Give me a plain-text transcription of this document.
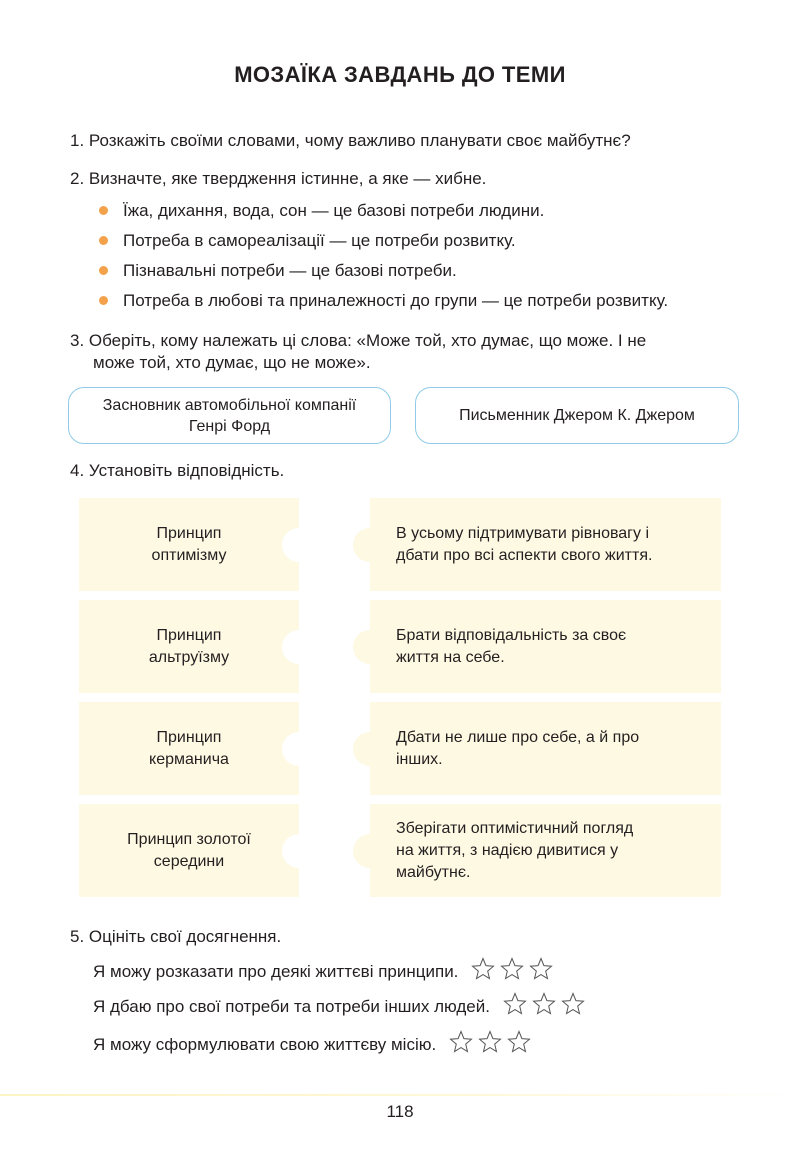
МОЗАЇКА ЗАВДАНЬ ДО ТЕМИ
1. Розкажіть своїми словами, чому важливо планувати своє майбутнє?
2. Визначте, яке твердження істинне, а яке — хибне.
Їжа, дихання, вода, сон — це базові потреби людини.
Потреба в самореалізації — це потреби розвитку.
Пізнавальні потреби — це базові потреби.
Потреба в любові та приналежності до групи — це потреби розвитку.
3. Оберіть, кому належать ці слова: «Може той, хто думає, що може. І не
може той, хто думає, що не може».
Засновник автомобільної компанії
Генрі Форд
Письменник Джером К. Джером
4. Установіть відповідність.
Принцип
оптимізму
В усьому підтримувати рівновагу і
дбати про всі аспекти свого життя.
Принцип
альтруїзму
Брати відповідальність за своє
життя на себе.
Принцип
керманича
Дбати не лише про себе, а й про
інших.
Принцип золотої
середини
Зберігати оптимістичний погляд
на життя, з надією дивитися у
майбутнє.
5. Оцініть свої досягнення.
Я можу розказати про деякі життєві принципи.
Я дбаю про свої потреби та потреби інших людей.
Я можу сформулювати свою життєву місію.
118
